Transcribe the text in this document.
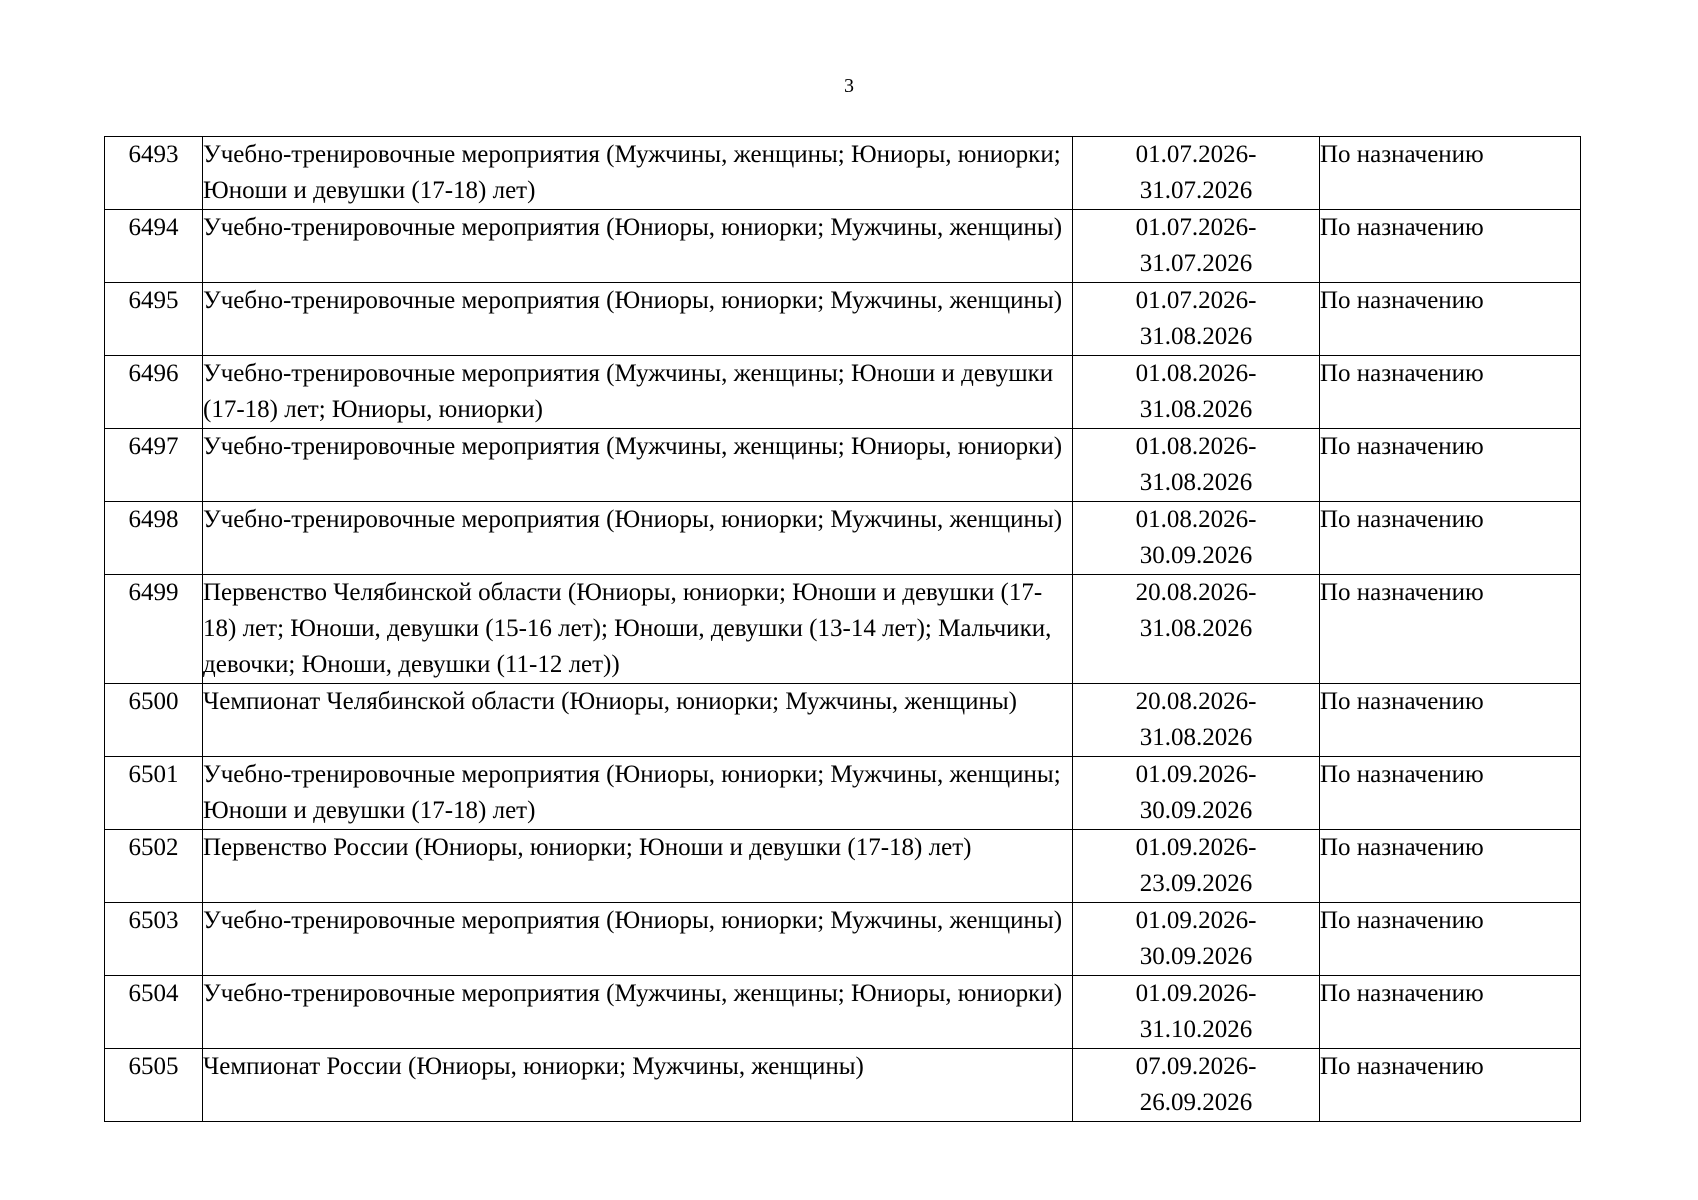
3
6493	Учебно-тренировочные мероприятия (Мужчины, женщины; Юниоры, юниорки; Юноши и девушки (17-18) лет)	01.07.2026-
31.07.2026	По назначению
6494	Учебно-тренировочные мероприятия (Юниоры, юниорки; Мужчины, женщины)	01.07.2026-
31.07.2026	По назначению
6495	Учебно-тренировочные мероприятия (Юниоры, юниорки; Мужчины, женщины)	01.07.2026-
31.08.2026	По назначению
6496	Учебно-тренировочные мероприятия (Мужчины, женщины; Юноши и девушки (17-18) лет; Юниоры, юниорки)	01.08.2026-
31.08.2026	По назначению
6497	Учебно-тренировочные мероприятия (Мужчины, женщины; Юниоры, юниорки)	01.08.2026-
31.08.2026	По назначению
6498	Учебно-тренировочные мероприятия (Юниоры, юниорки; Мужчины, женщины)	01.08.2026-
30.09.2026	По назначению
6499	Первенство Челябинской области (Юниоры, юниорки; Юноши и девушки (17-18) лет; Юноши, девушки (15-16 лет); Юноши, девушки (13-14 лет); Мальчики, девочки; Юноши, девушки (11-12 лет))	20.08.2026-
31.08.2026	По назначению
6500	Чемпионат Челябинской области (Юниоры, юниорки; Мужчины, женщины)	20.08.2026-
31.08.2026	По назначению
6501	Учебно-тренировочные мероприятия (Юниоры, юниорки; Мужчины, женщины; Юноши и девушки (17-18) лет)	01.09.2026-
30.09.2026	По назначению
6502	Первенство России (Юниоры, юниорки; Юноши и девушки (17-18) лет)	01.09.2026-
23.09.2026	По назначению
6503	Учебно-тренировочные мероприятия (Юниоры, юниорки; Мужчины, женщины)	01.09.2026-
30.09.2026	По назначению
6504	Учебно-тренировочные мероприятия (Мужчины, женщины; Юниоры, юниорки)	01.09.2026-
31.10.2026	По назначению
6505	Чемпионат России (Юниоры, юниорки; Мужчины, женщины)	07.09.2026-
26.09.2026	По назначению
